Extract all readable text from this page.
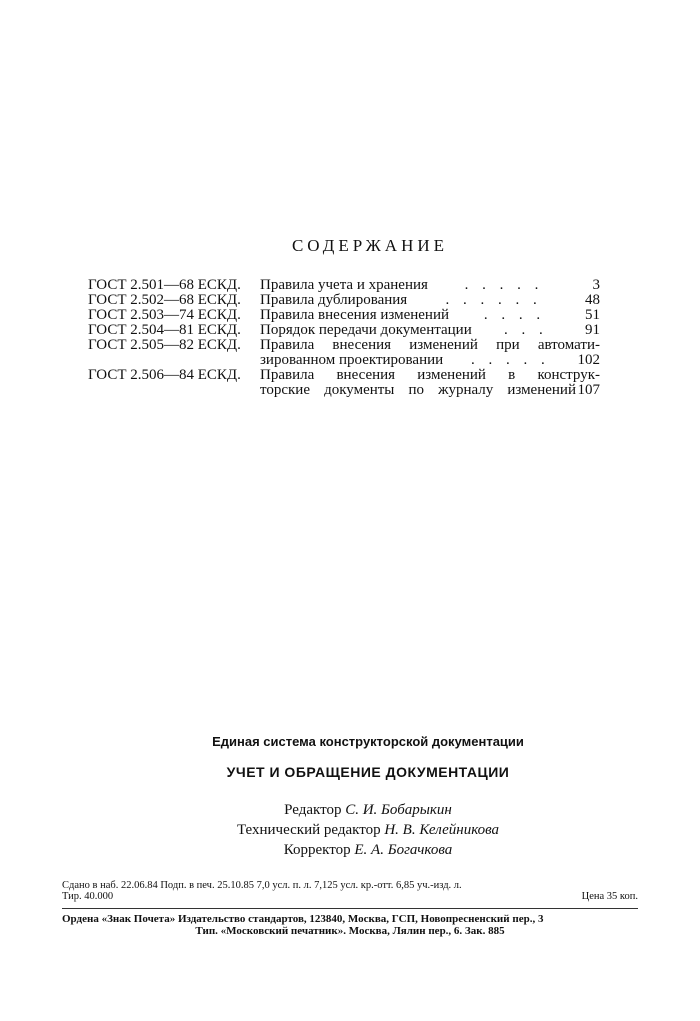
СОДЕРЖАНИЕ
ГОСТ 2.501—68 ЕСКД.	Правила учета и хранения	. . . . .	3
ГОСТ 2.502—68 ЕСКД.	Правила дублирования	. . . . . .	48
ГОСТ 2.503—74 ЕСКД.	Правила внесения изменений	. . . .	51
ГОСТ 2.504—81 ЕСКД.	Порядок передачи документации	. . .	91
ГОСТ 2.505—82 ЕСКД.	Правила внесения изменений при автомати-
зированном проектировании	. . . . .	102
ГОСТ 2.506—84 ЕСКД.	Правила внесения изменений в конструк-
торские документы по журналу изменений 107
Единая система конструкторской документации
УЧЕТ И ОБРАЩЕНИЕ ДОКУМЕНТАЦИИ
Редактор С. И. Бобарыкин
Технический редактор Н. В. Келейникова
Корректор Е. А. Богачкова
Сдано в наб. 22.06.84 Подп. в печ. 25.10.85 7,0 усл. п. л. 7,125 усл. кр.-отт. 6,85 уч.-изд. л.
Тир. 40.000	Цена 35 коп.
Ордена «Знак Почета» Издательство стандартов, 123840, Москва, ГСП, Новопресненский пер., 3
Тип. «Московский печатник». Москва, Лялин пер., 6. Зак. 885
